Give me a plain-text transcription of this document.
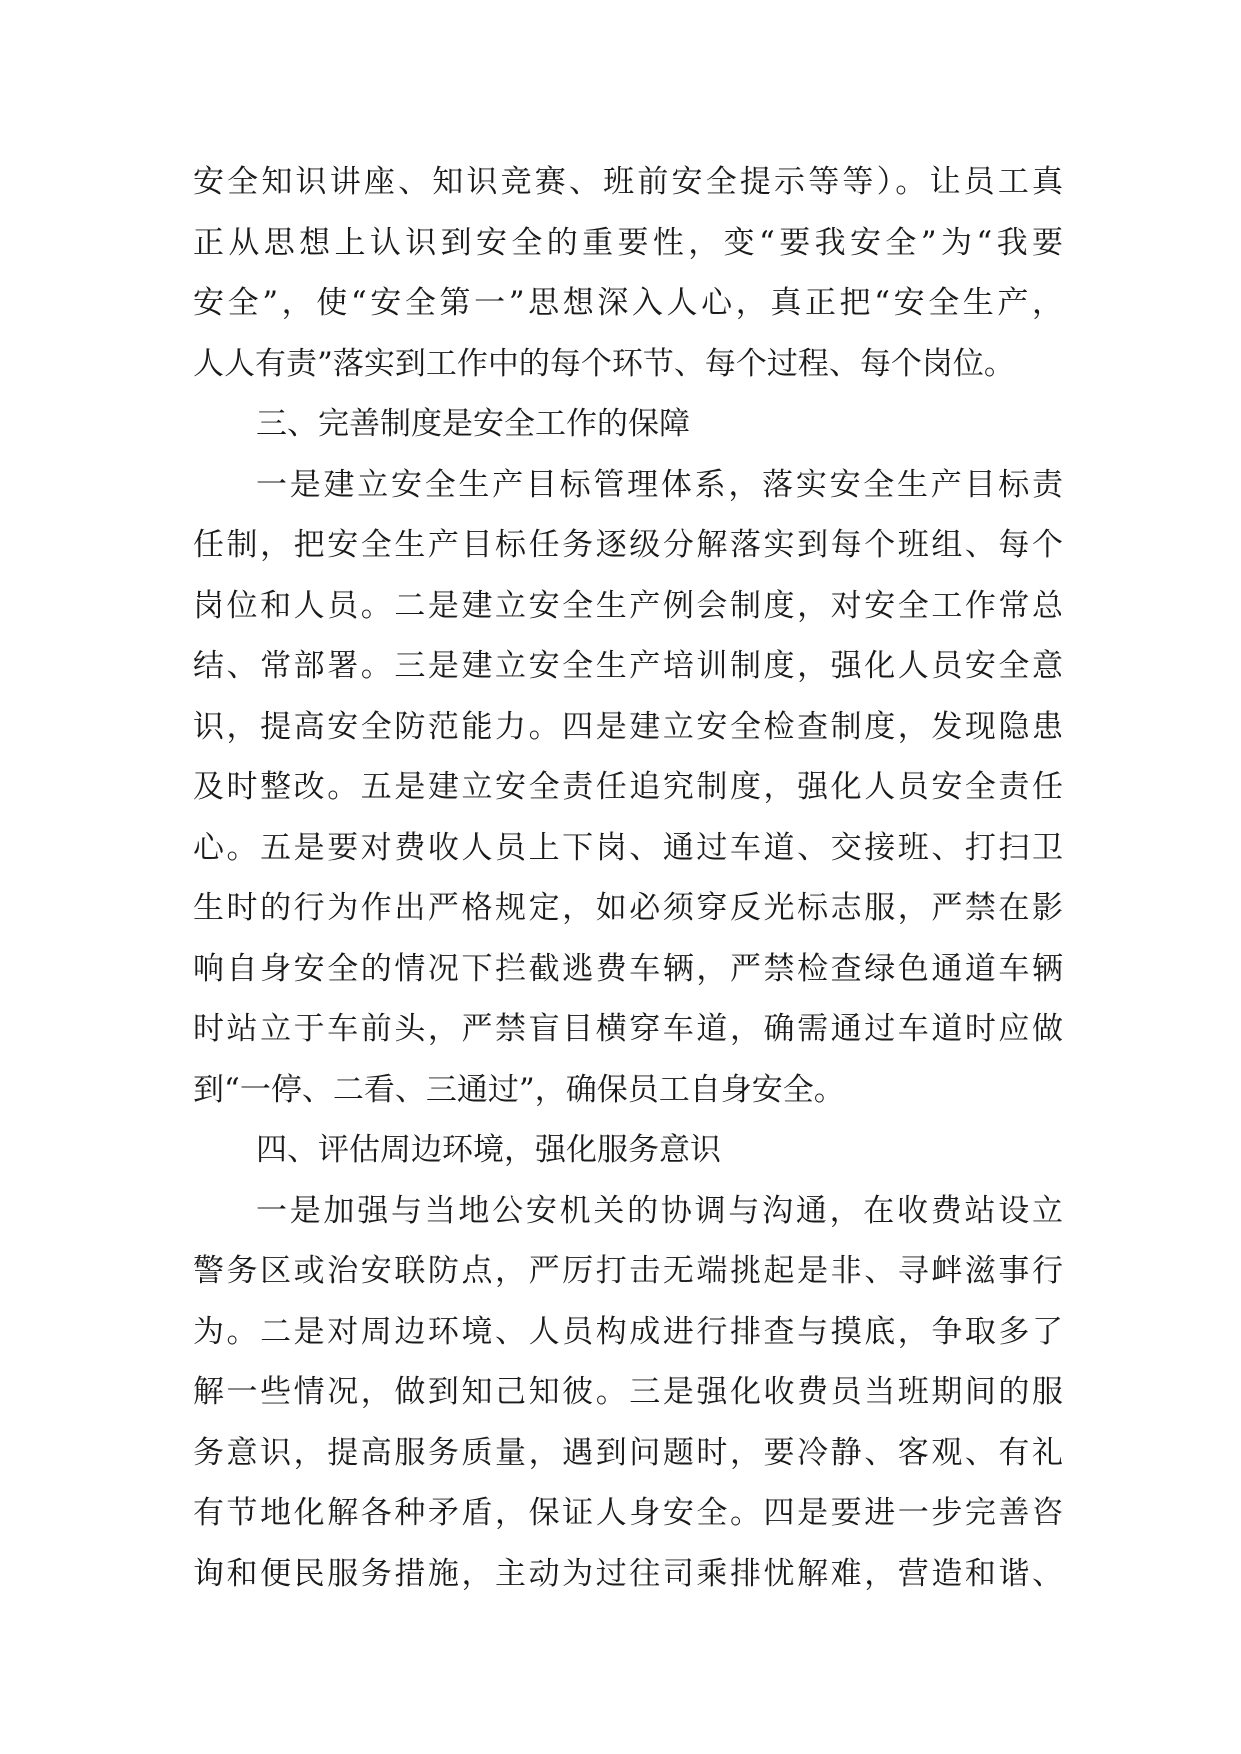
安全知识讲座、知识竞赛、班前安全提示等等）。让员工真
正从思想上认识到安全的重要性，变“要我安全”为“我要
安全”，使“安全第一”思想深入人心，真正把“安全生产，
人人有责”落实到工作中的每个环节、每个过程、每个岗位。
三、完善制度是安全工作的保障
一是建立安全生产目标管理体系，落实安全生产目标责
任制，把安全生产目标任务逐级分解落实到每个班组、每个
岗位和人员。二是建立安全生产例会制度，对安全工作常总
结、常部署。三是建立安全生产培训制度，强化人员安全意
识，提高安全防范能力。四是建立安全检查制度，发现隐患
及时整改。五是建立安全责任追究制度，强化人员安全责任
心。五是要对费收人员上下岗、通过车道、交接班、打扫卫
生时的行为作出严格规定，如必须穿反光标志服，严禁在影
响自身安全的情况下拦截逃费车辆，严禁检查绿色通道车辆
时站立于车前头，严禁盲目横穿车道，确需通过车道时应做
到“一停、二看、三通过”，确保员工自身安全。
四、评估周边环境，强化服务意识
一是加强与当地公安机关的协调与沟通，在收费站设立
警务区或治安联防点，严厉打击无端挑起是非、寻衅滋事行
为。二是对周边环境、人员构成进行排查与摸底，争取多了
解一些情况，做到知己知彼。三是强化收费员当班期间的服
务意识，提高服务质量，遇到问题时，要冷静、客观、有礼
有节地化解各种矛盾，保证人身安全。四是要进一步完善咨
询和便民服务措施，主动为过往司乘排忧解难，营造和谐、
